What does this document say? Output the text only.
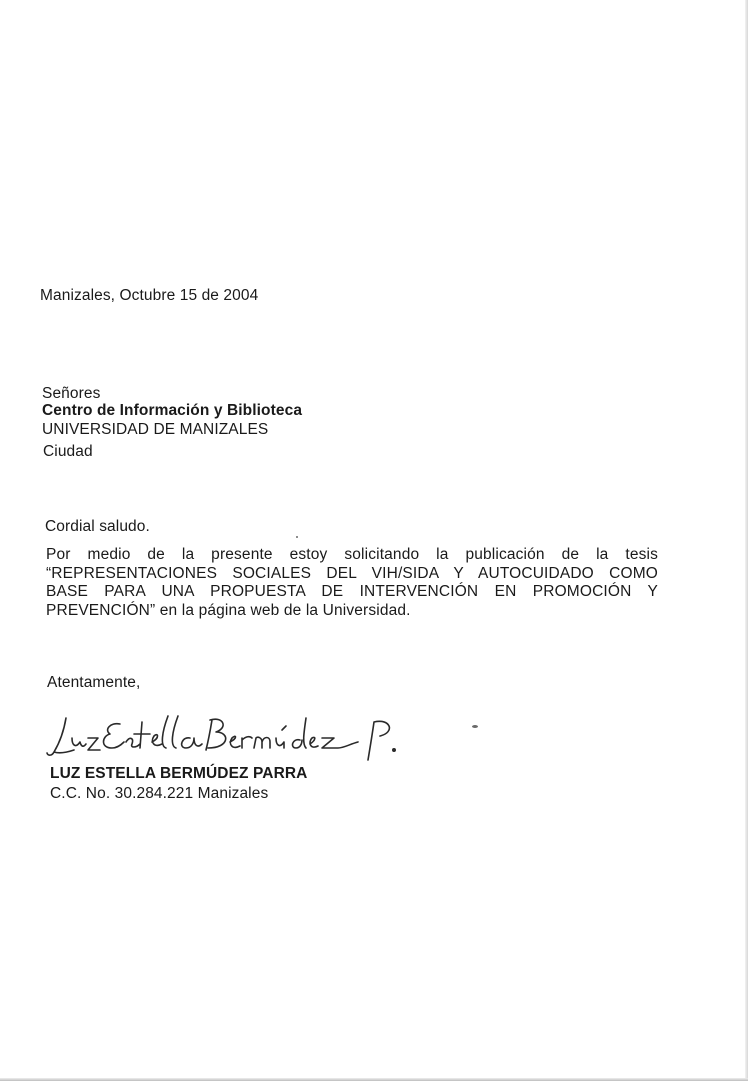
Manizales, Octubre 15 de 2004
Señores
Centro de Información y Biblioteca
UNIVERSIDAD DE MANIZALES
Ciudad
Cordial saludo.
Por medio de la presente estoy solicitando la publicación de la tesis
“REPRESENTACIONES SOCIALES DEL VIH/SIDA Y AUTOCUIDADO COMO
BASE PARA UNA PROPUESTA DE INTERVENCIÓN EN PROMOCIÓN Y
PREVENCIÓN” en la página web de la Universidad.
Atentamente,
LUZ ESTELLA BERMÚDEZ PARRA
C.C. No. 30.284.221 Manizales
